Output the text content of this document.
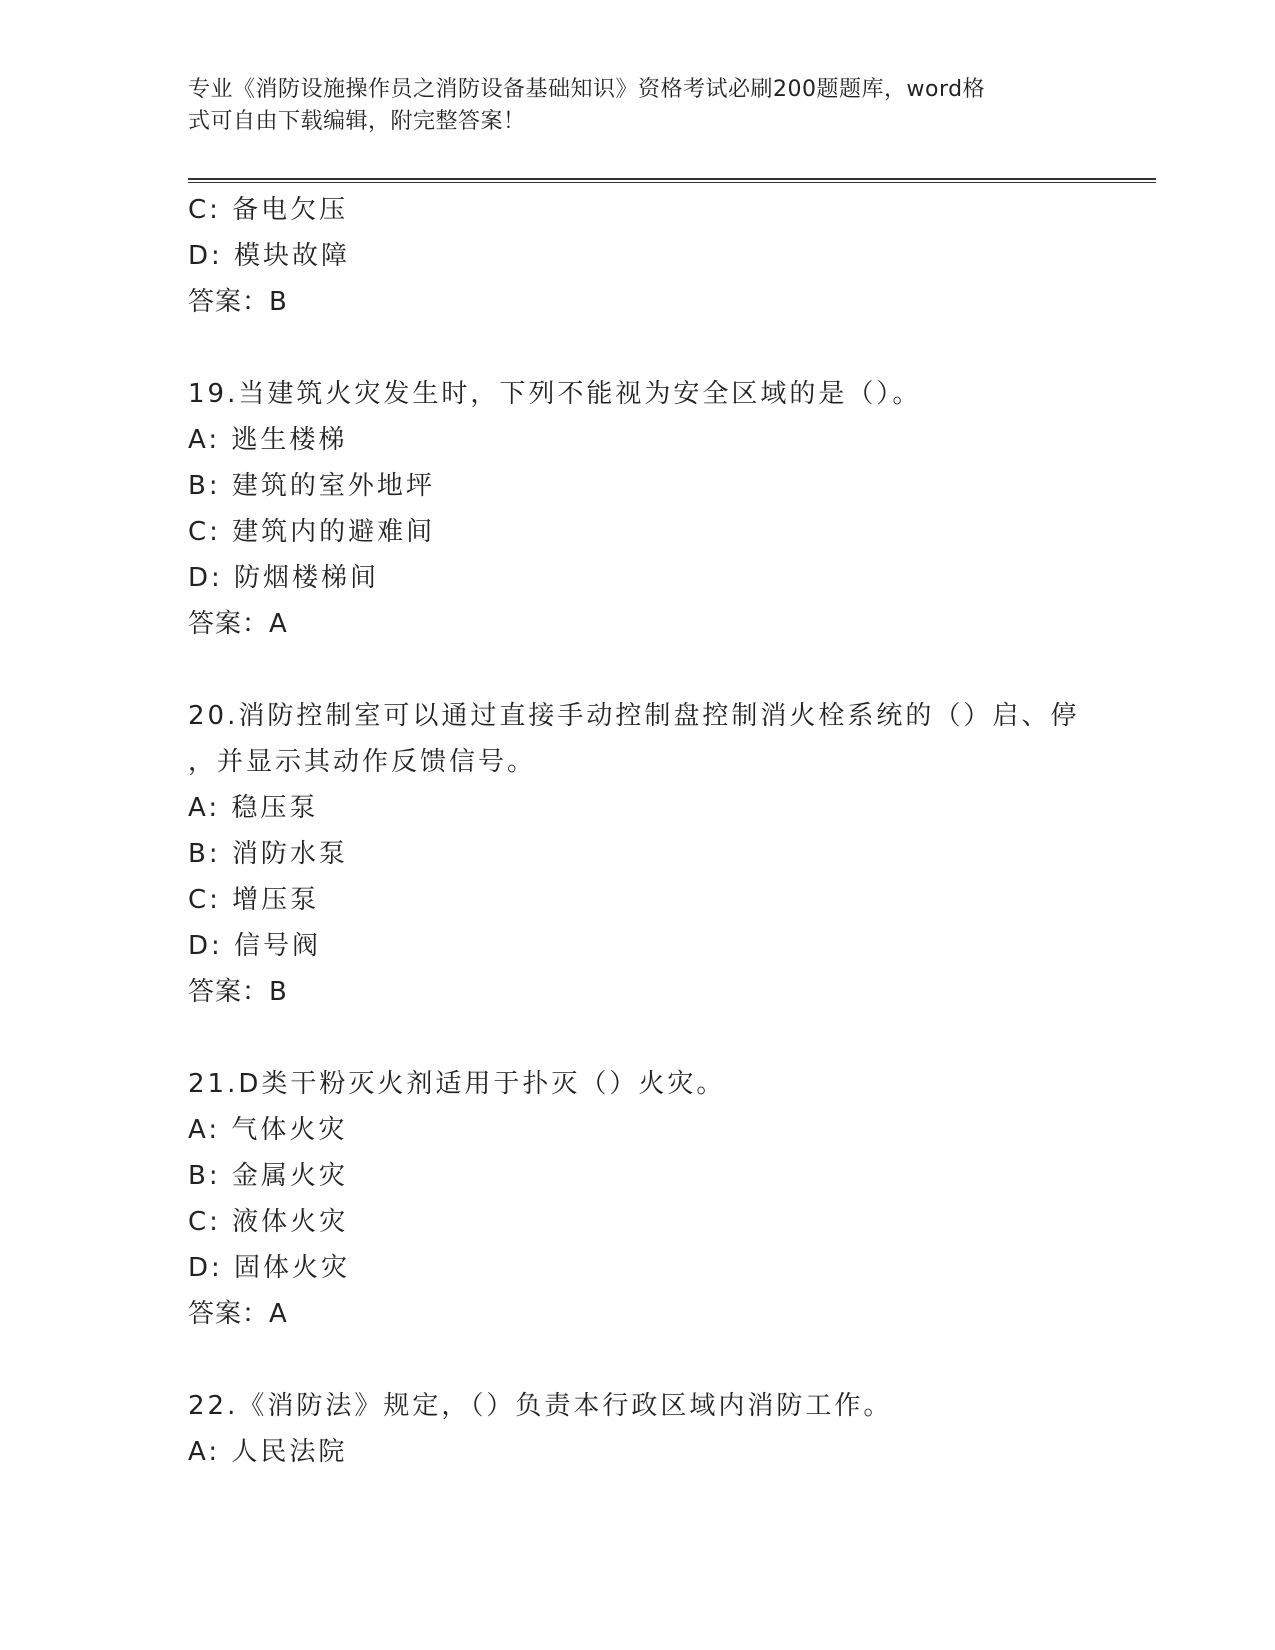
专业《消防设施操作员之消防设备基础知识》资格考试必刷200题题库，word格
式可自由下载编辑，附完整答案！
C: 备电欠压
D: 模块故障
答案：B
19.当建筑火灾发生时，下列不能视为安全区域的是（）。
A: 逃生楼梯
B: 建筑的室外地坪
C: 建筑内的避难间
D: 防烟楼梯间
答案：A
20.消防控制室可以通过直接手动控制盘控制消火栓系统的（）启、停
，并显示其动作反馈信号。
A: 稳压泵
B: 消防水泵
C: 增压泵
D: 信号阀
答案：B
21.D类干粉灭火剂适用于扑灭（）火灾。
A: 气体火灾
B: 金属火灾
C: 液体火灾
D: 固体火灾
答案：A
22.《消防法》规定，（）负责本行政区域内消防工作。
A: 人民法院
